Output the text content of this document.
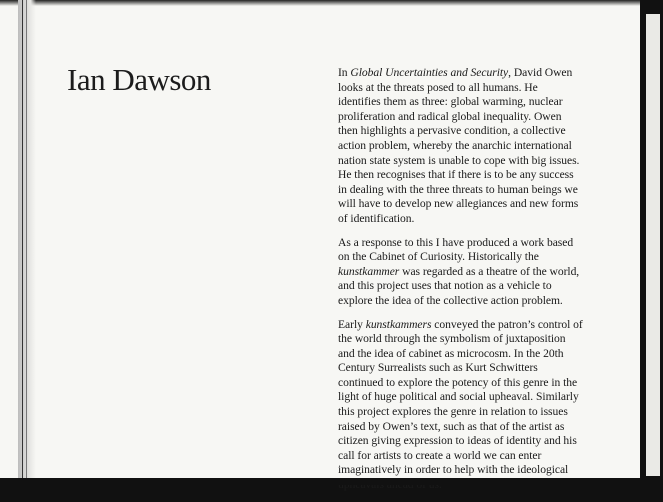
Ian Dawson	In Global Uncertainties and Security, David Owen
looks at the threats posed to all humans. He
identifies them as three: global warming, nuclear
proliferation and radical global inequality. Owen
then highlights a pervasive condition, a collective
action problem, whereby the anarchic international
nation state system is unable to cope with big issues.
He then recognises that if there is to be any success
in dealing with the three threats to human beings we
will have to develop new allegiances and new forms
of identification.

As a response to this I have produced a work based
on the Cabinet of Curiosity. Historically the
kunstkammer was regarded as a theatre of the world,
and this project uses that notion as a vehicle to
explore the idea of the collective action problem.

Early kunstkammers conveyed the patron’s control of
the world through the symbolism of juxtaposition
and the idea of cabinet as microcosm. In the 20th
Century Surrealists such as Kurt Schwitters
continued to explore the potency of this genre in the
light of huge political and social upheaval. Similarly
this project explores the genre in relation to issues
raised by Owen’s text, such as that of the artist as
citizen giving expression to ideas of identity and his
call for artists to create a world we can enter
imaginatively in order to help with the ideological
